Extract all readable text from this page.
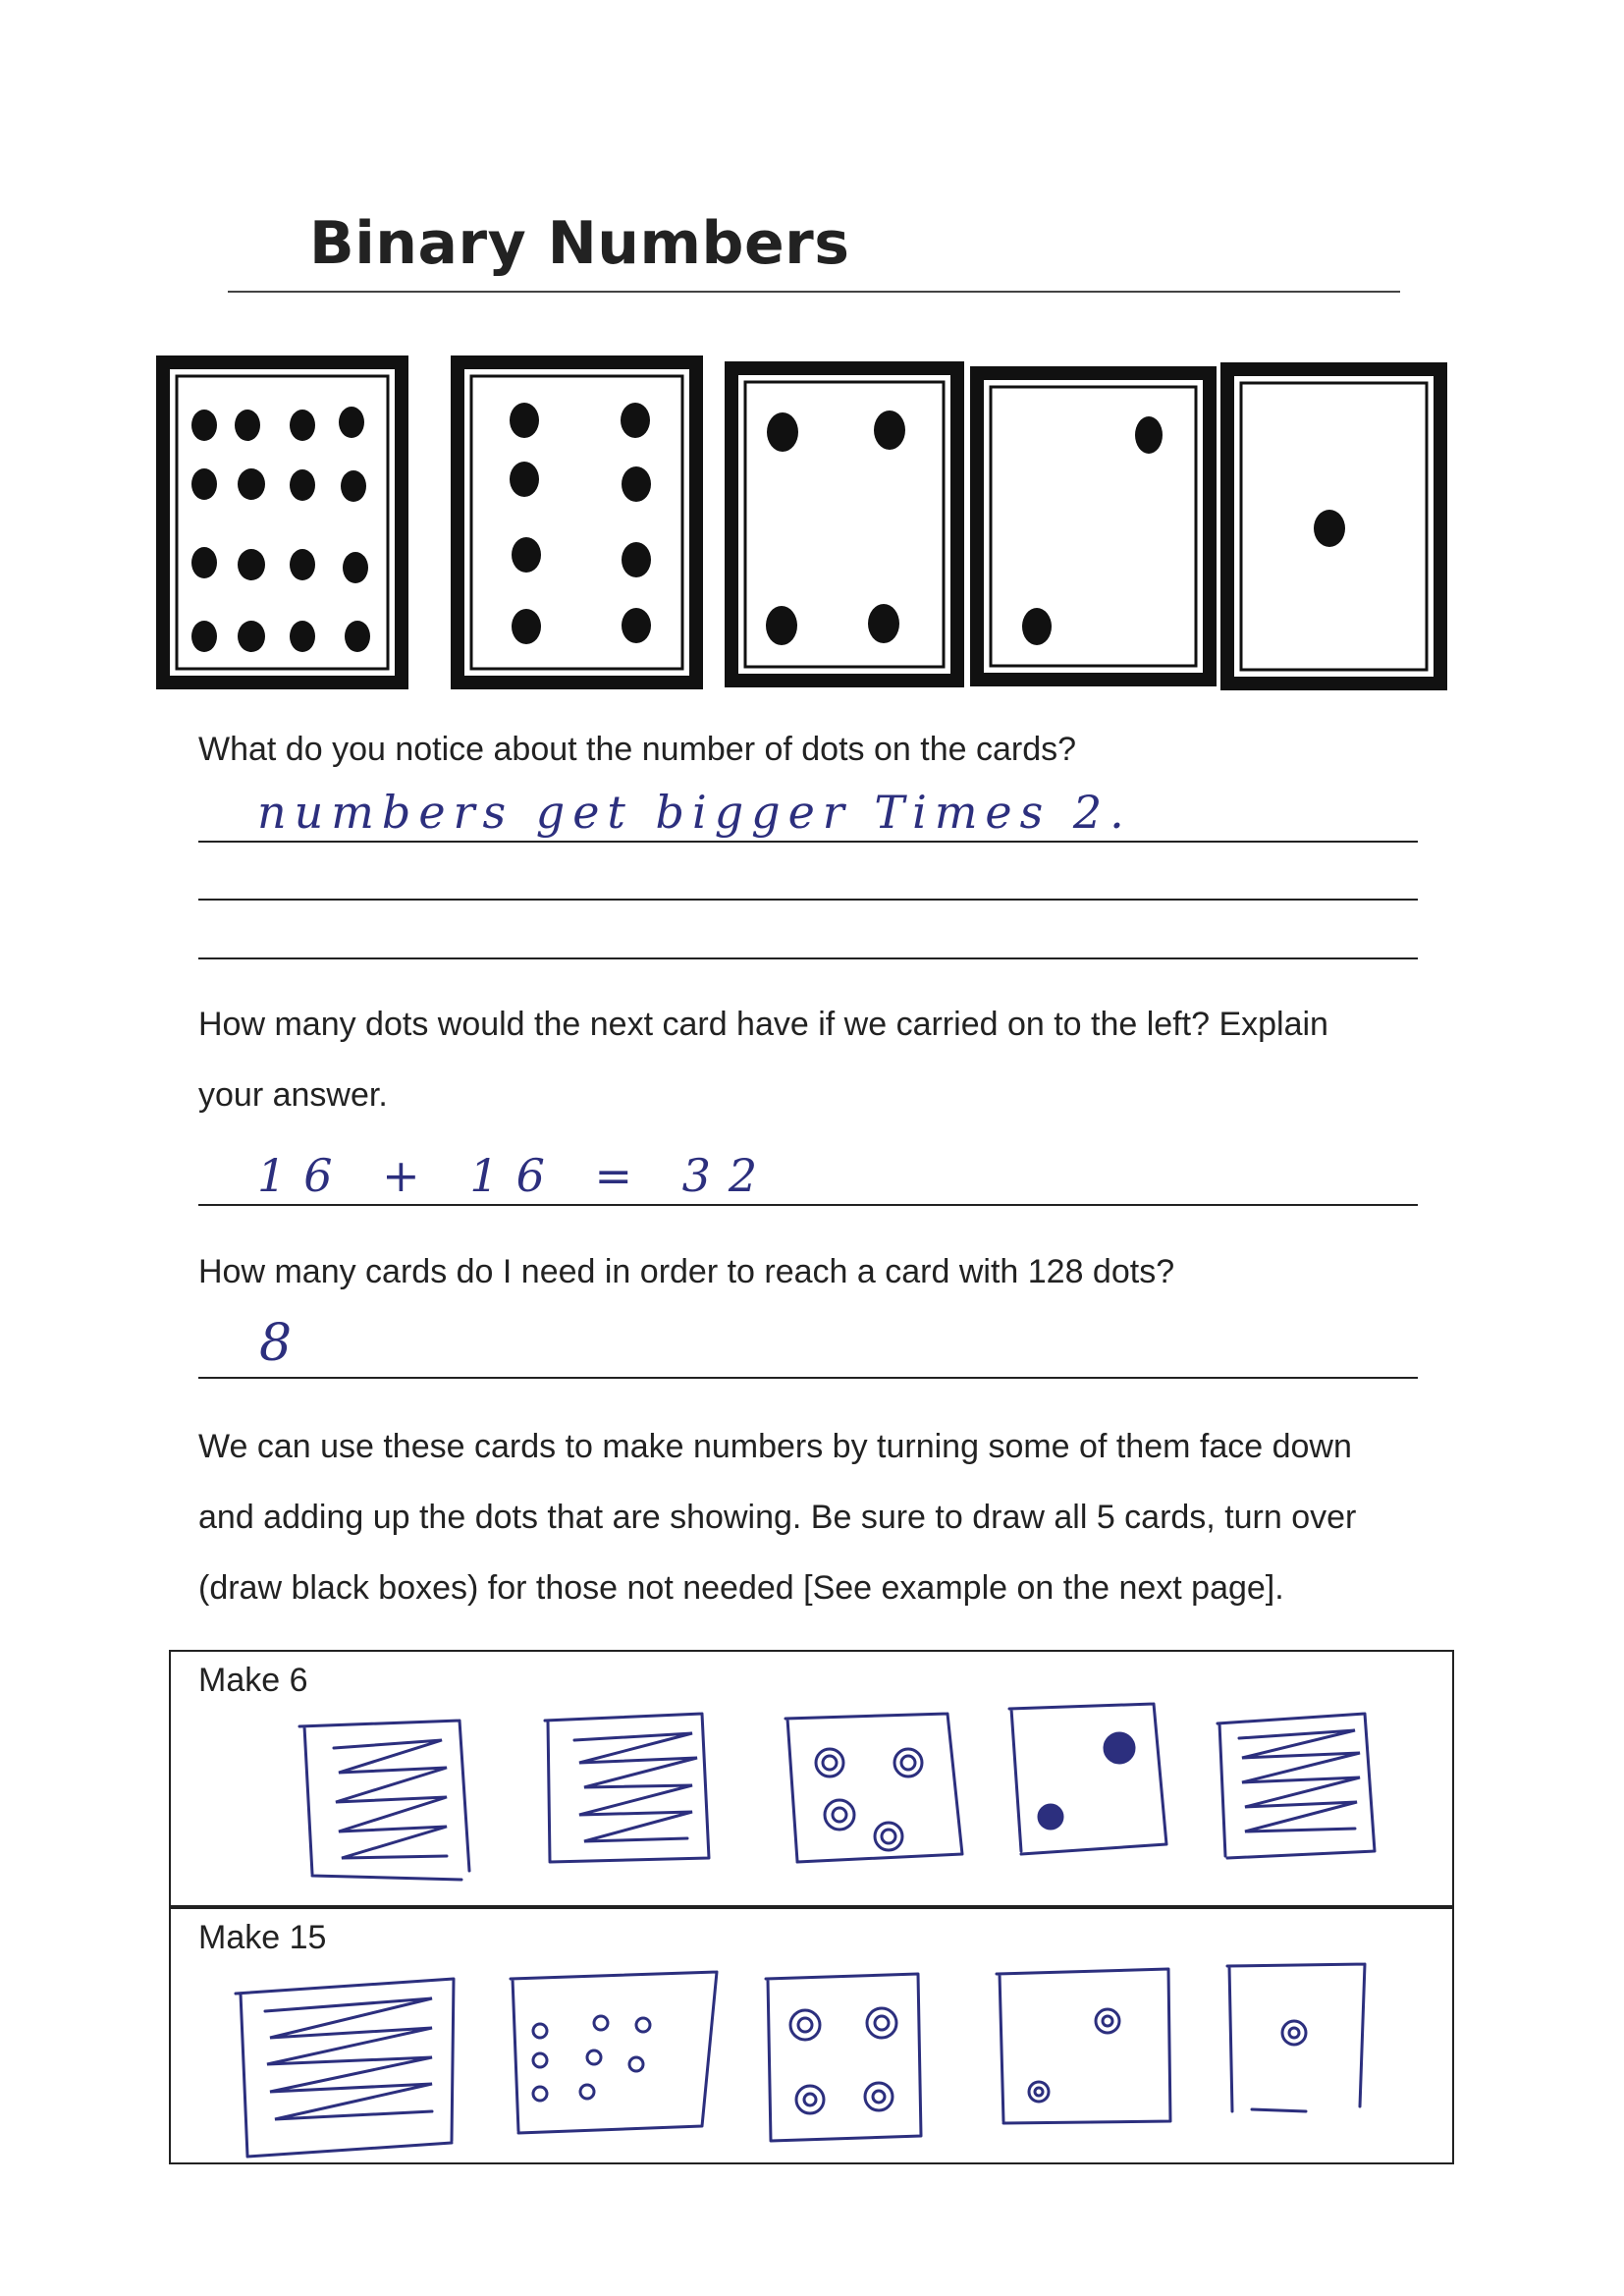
Binary Numbers
What do you notice about the number of dots on the cards?
numbers get bigger Times 2.
How many dots would the next card have if we carried on to the left? Explain
your answer.
16 + 16 = 32
How many cards do I need in order to reach a card with 128 dots?
8
We can use these cards to make numbers by turning some of them face down
and adding up the dots that are showing. Be sure to draw all 5 cards, turn over
(draw black boxes) for those not needed [See example on the next page].
Make 6
Make 15
